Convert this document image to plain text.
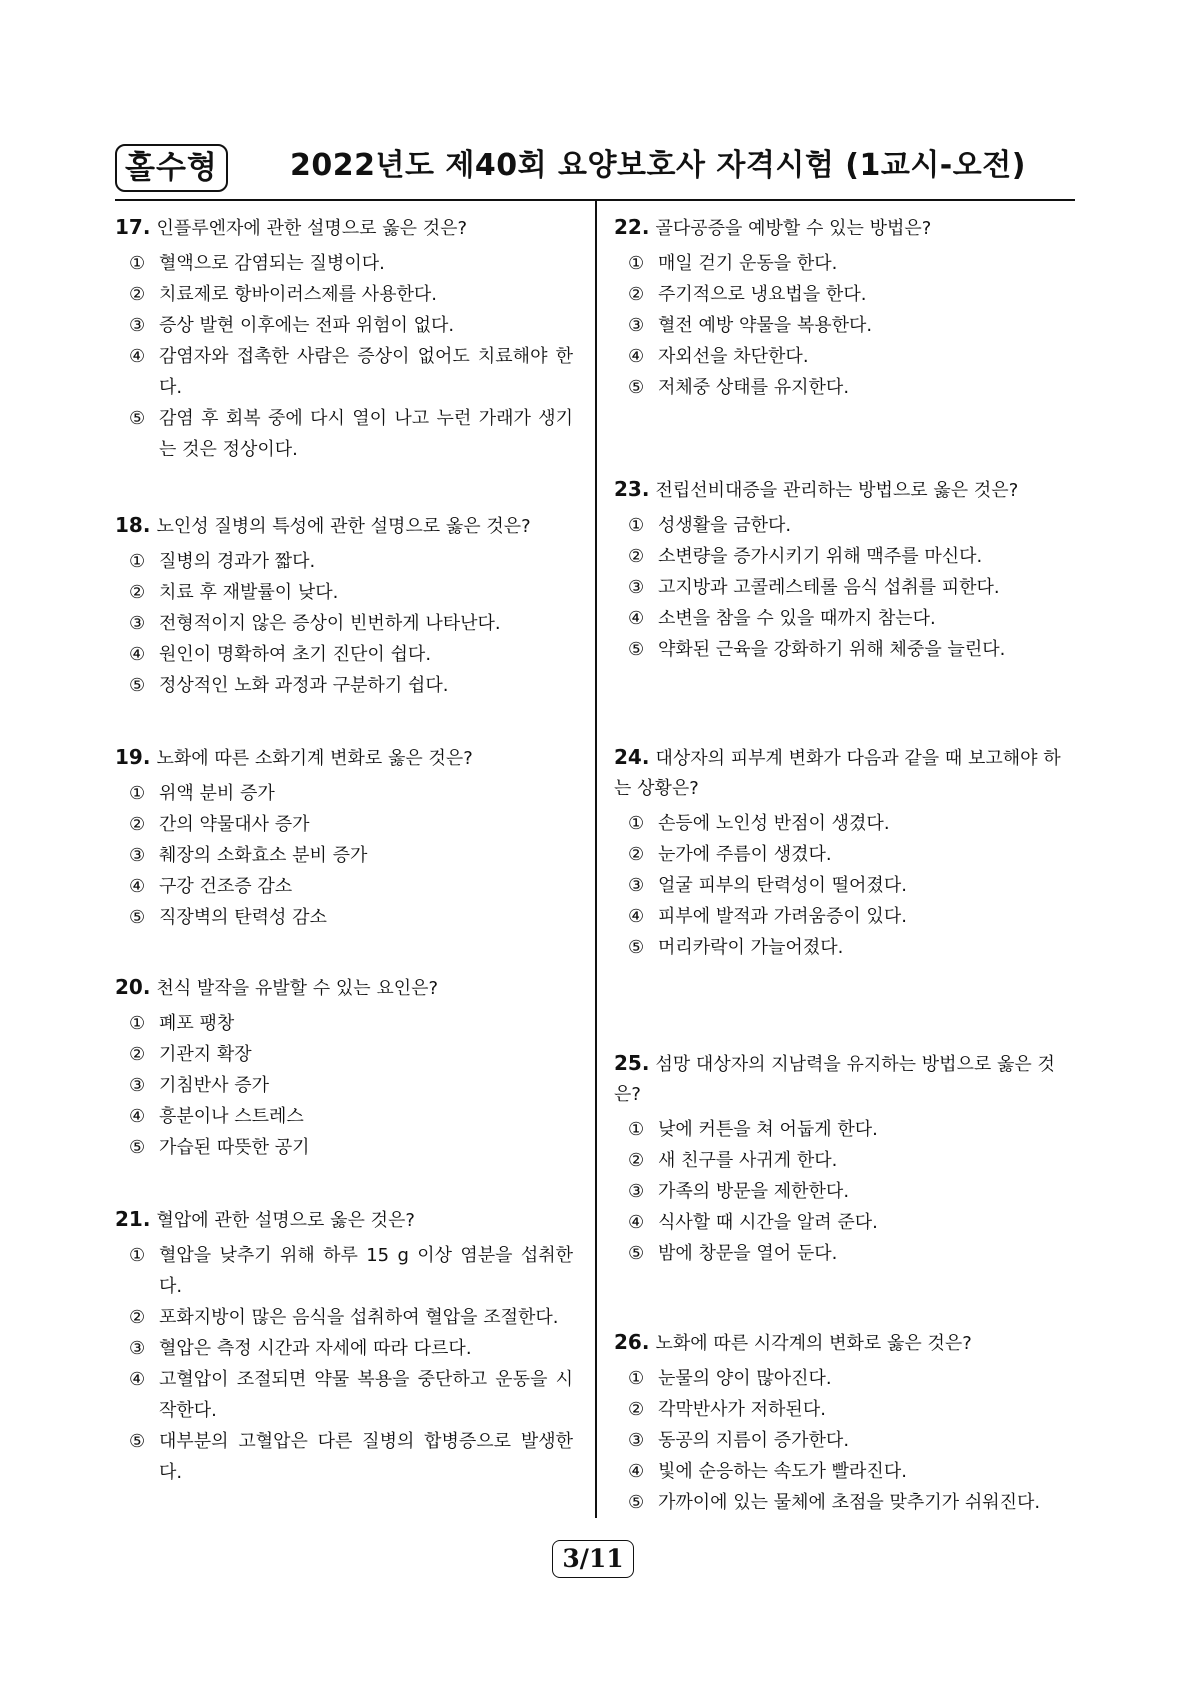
홀수형	2022년도 제40회 요양보호사 자격시험 (1교시-오전)
17. 인플루엔자에 관한 설명으로 옳은 것은?
① 혈액으로 감염되는 질병이다.
② 치료제로 항바이러스제를 사용한다.
③ 증상 발현 이후에는 전파 위험이 없다.
④ 감염자와 접촉한 사람은 증상이 없어도 치료해야 한다.
⑤ 감염 후 회복 중에 다시 열이 나고 누런 가래가 생기는 것은 정상이다.
18. 노인성 질병의 특성에 관한 설명으로 옳은 것은?
① 질병의 경과가 짧다.
② 치료 후 재발률이 낮다.
③ 전형적이지 않은 증상이 빈번하게 나타난다.
④ 원인이 명확하여 초기 진단이 쉽다.
⑤ 정상적인 노화 과정과 구분하기 쉽다.
19. 노화에 따른 소화기계 변화로 옳은 것은?
① 위액 분비 증가
② 간의 약물대사 증가
③ 췌장의 소화효소 분비 증가
④ 구강 건조증 감소
⑤ 직장벽의 탄력성 감소
20. 천식 발작을 유발할 수 있는 요인은?
① 폐포 팽창
② 기관지 확장
③ 기침반사 증가
④ 흥분이나 스트레스
⑤ 가습된 따뜻한 공기
21. 혈압에 관한 설명으로 옳은 것은?
① 혈압을 낮추기 위해 하루 15 g 이상 염분을 섭취한다.
② 포화지방이 많은 음식을 섭취하여 혈압을 조절한다.
③ 혈압은 측정 시간과 자세에 따라 다르다.
④ 고혈압이 조절되면 약물 복용을 중단하고 운동을 시작한다.
⑤ 대부분의 고혈압은 다른 질병의 합병증으로 발생한다.
22. 골다공증을 예방할 수 있는 방법은?
① 매일 걷기 운동을 한다.
② 주기적으로 냉요법을 한다.
③ 혈전 예방 약물을 복용한다.
④ 자외선을 차단한다.
⑤ 저체중 상태를 유지한다.
23. 전립선비대증을 관리하는 방법으로 옳은 것은?
① 성생활을 금한다.
② 소변량을 증가시키기 위해 맥주를 마신다.
③ 고지방과 고콜레스테롤 음식 섭취를 피한다.
④ 소변을 참을 수 있을 때까지 참는다.
⑤ 약화된 근육을 강화하기 위해 체중을 늘린다.
24. 대상자의 피부계 변화가 다음과 같을 때 보고해야 하는 상황은?
① 손등에 노인성 반점이 생겼다.
② 눈가에 주름이 생겼다.
③ 얼굴 피부의 탄력성이 떨어졌다.
④ 피부에 발적과 가려움증이 있다.
⑤ 머리카락이 가늘어졌다.
25. 섬망 대상자의 지남력을 유지하는 방법으로 옳은 것은?
① 낮에 커튼을 쳐 어둡게 한다.
② 새 친구를 사귀게 한다.
③ 가족의 방문을 제한한다.
④ 식사할 때 시간을 알려 준다.
⑤ 밤에 창문을 열어 둔다.
26. 노화에 따른 시각계의 변화로 옳은 것은?
① 눈물의 양이 많아진다.
② 각막반사가 저하된다.
③ 동공의 지름이 증가한다.
④ 빛에 순응하는 속도가 빨라진다.
⑤ 가까이에 있는 물체에 초점을 맞추기가 쉬워진다.
3/11
